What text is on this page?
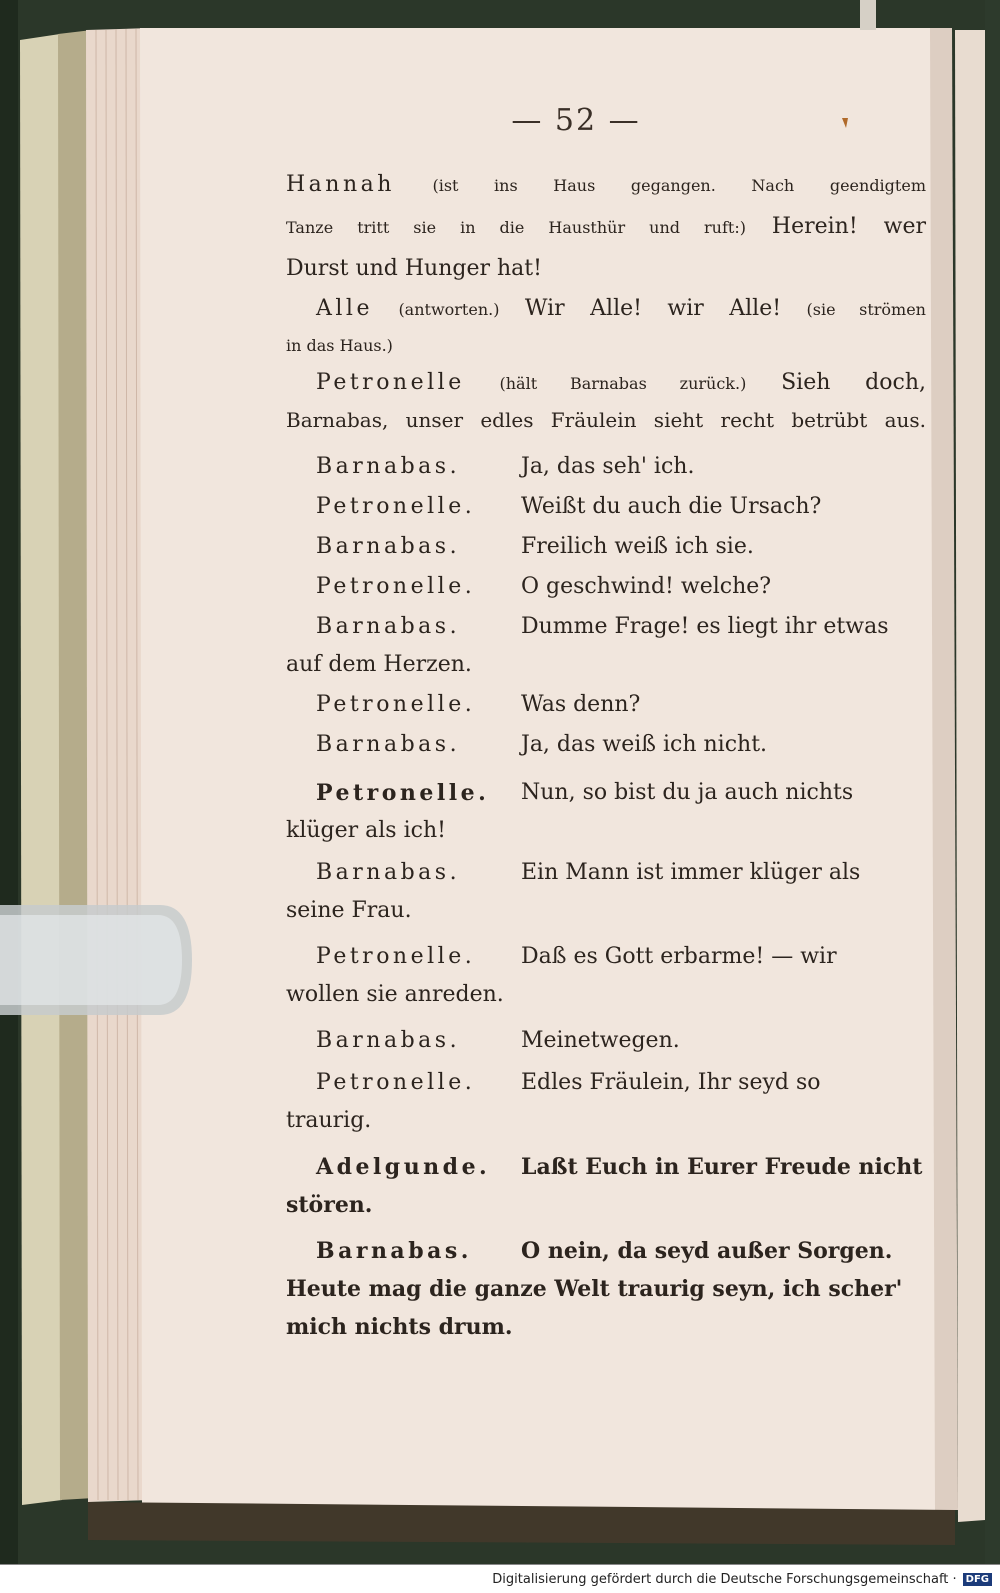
— 52 —
Hannah (ist ins Haus gegangen. Nach geendigtem
Tanze tritt sie in die Hausthür und ruft:) Herein! wer
Durst und Hunger hat!
Alle (antworten.) Wir Alle! wir Alle! (sie strömen
in das Haus.)
Petronelle (hält Barnabas zurück.) Sieh doch,
Barnabas, unser edles Fräulein sieht recht betrübt aus.
Barnabas.	Ja, das seh' ich.
Petronelle. Weißt du auch die Ursach?
Barnabas.	Freilich weiß ich sie.
Petronelle. O geschwind! welche?
Barnabas.	Dumme Frage! es liegt ihr etwas
auf dem Herzen.
Petronelle. Was denn?
Barnabas.	Ja, das weiß ich nicht.
Petronelle. Nun, so bist du ja auch nichts
klüger als ich!
Barnabas.	Ein Mann ist immer klüger als
seine Frau.
Petronelle. Daß es Gott erbarme! — wir
wollen sie anreden.
Barnabas.	Meinetwegen.
Petronelle. Edles Fräulein, Ihr seyd so
traurig.
Adelgunde. Laßt Euch in Eurer Freude nicht
stören.
Barnabas. O nein, da seyd außer Sorgen.
Heute mag die ganze Welt traurig seyn, ich scher'
mich nichts drum.
Digitalisierung gefördert durch die Deutsche Forschungsgemeinschaft · DFG
